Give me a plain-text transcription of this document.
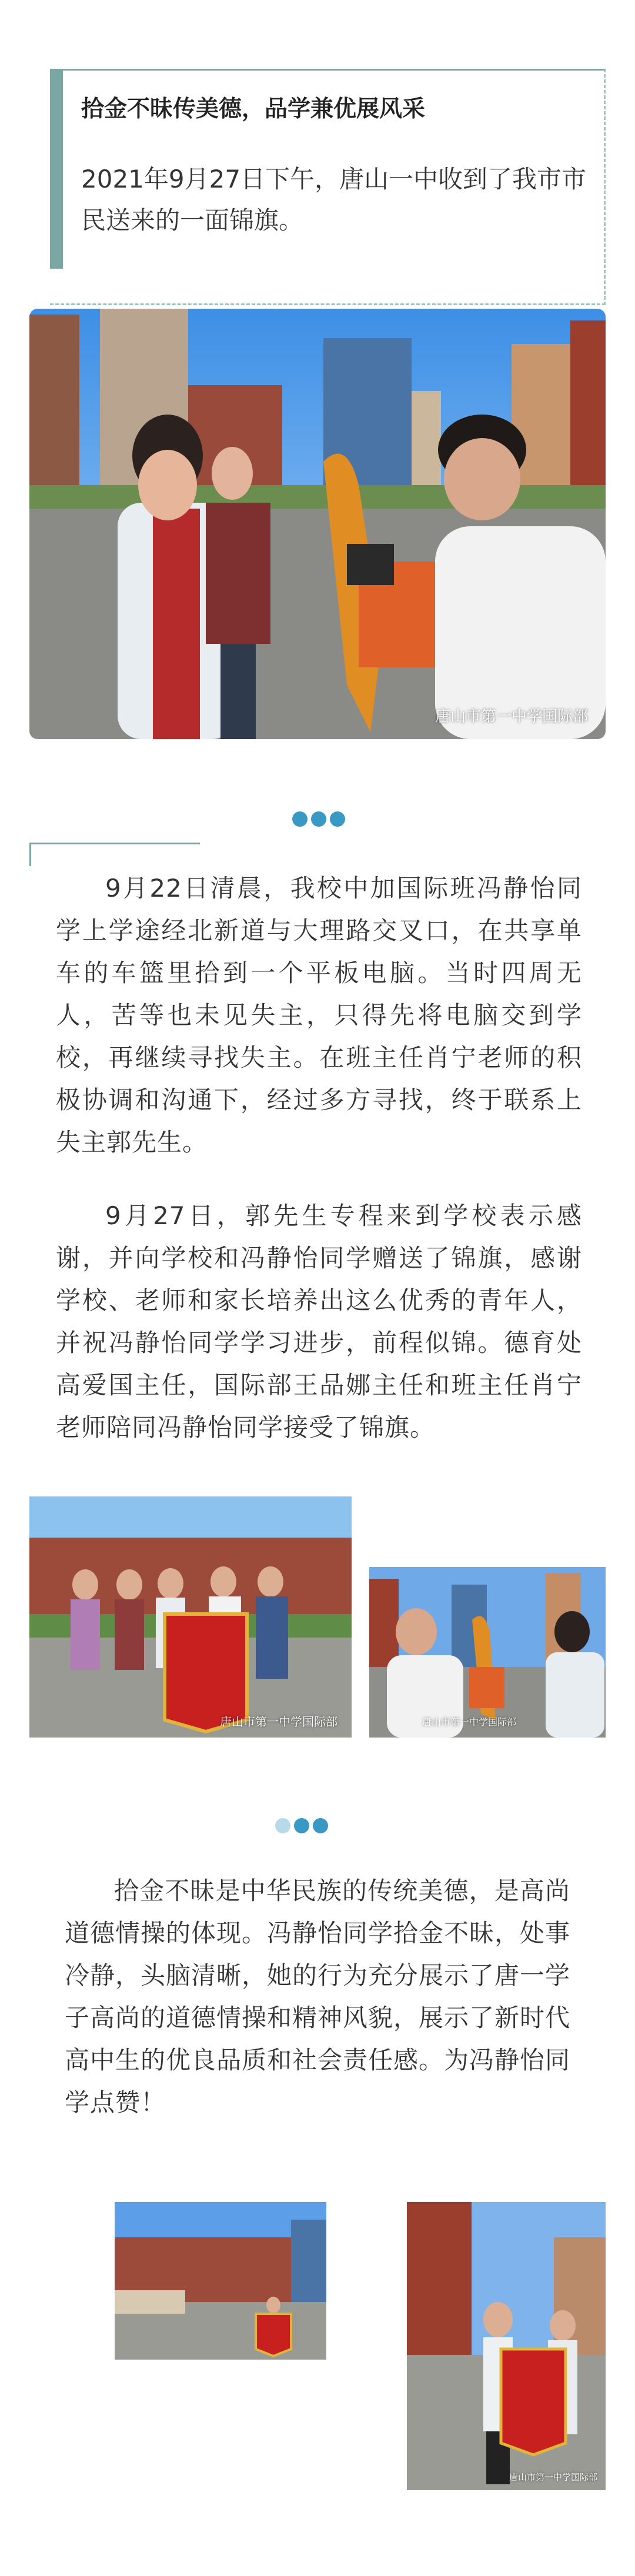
拾金不昧传美德，品学兼优展风采
2021年9月27日下午，唐山一中收到了我市市民送来的一面锦旗。
唐山市第一中学国际部

9月22日清晨，我校中加国际班冯静怡同学上学途经北新道与大理路交叉口，在共享单车的车篮里拾到一个平板电脑。当时四周无人，苦等也未见失主，只得先将电脑交到学校，再继续寻找失主。在班主任肖宁老师的积极协调和沟通下，经过多方寻找，终于联系上失主郭先生。

9月27日，郭先生专程来到学校表示感谢，并向学校和冯静怡同学赠送了锦旗，感谢学校、老师和家长培养出这么优秀的青年人，并祝冯静怡同学学习进步，前程似锦。德育处高爱国主任，国际部王品娜主任和班主任肖宁老师陪同冯静怡同学接受了锦旗。

唐山市第一中学国际部	唐山市第一中学国际部

拾金不昧是中华民族的传统美德，是高尚道德情操的体现。冯静怡同学拾金不昧，处事冷静，头脑清晰，她的行为充分展示了唐一学子高尚的道德情操和精神风貌，展示了新时代高中生的优良品质和社会责任感。为冯静怡同学点赞！

唐山市第一中学国际部
